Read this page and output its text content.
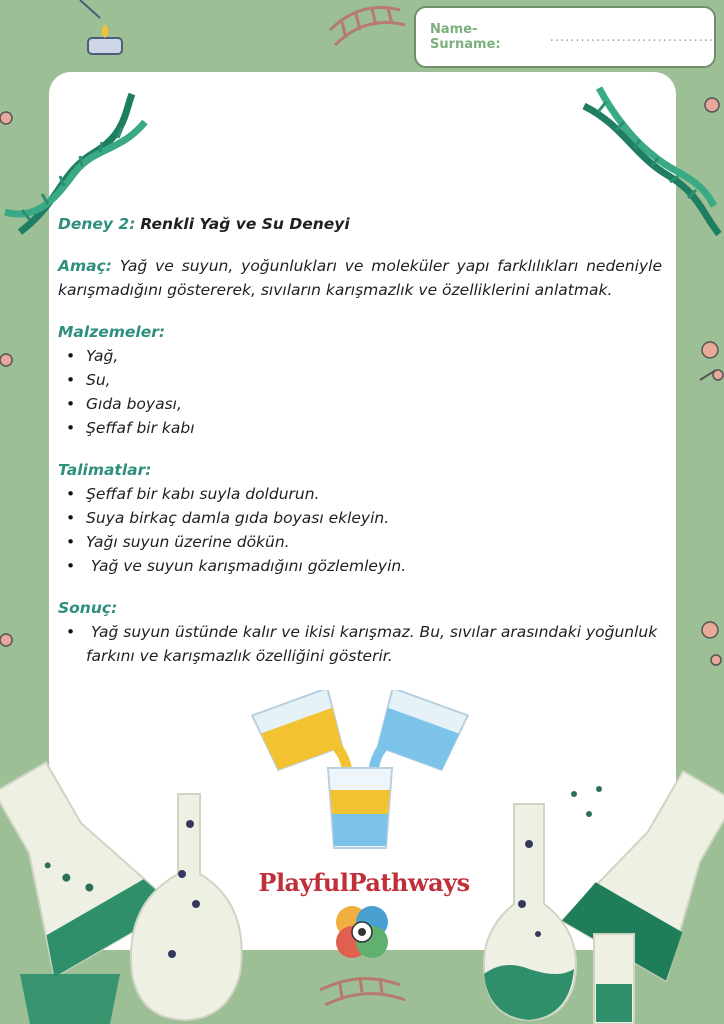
Name-Surname:	................................

Deney 2: Renkli Yağ ve Su Deneyi

Amaç: Yağ ve suyun, yoğunlukları ve moleküler yapı farklılıkları nedeniyle karışmadığını göstererek, sıvıların karışmazlık ve özelliklerini anlatmak.

Malzemeler:

• Yağ,
• Su,
• Gıda boyası,
• Şeffaf bir kabı

Talimatlar:

• Şeffaf bir kabı suyla doldurun.
• Suya birkaç damla gıda boyası ekleyin.
• Yağı suyun üzerine dökün.
•  Yağ ve suyun karışmadığını gözlemleyin.

Sonuç:

•  Yağ suyun üstünde kalır ve ikisi karışmaz. Bu, sıvılar arasındaki yoğunluk farkını ve karışmazlık özelliğini gösterir.
PlayfulPathways
